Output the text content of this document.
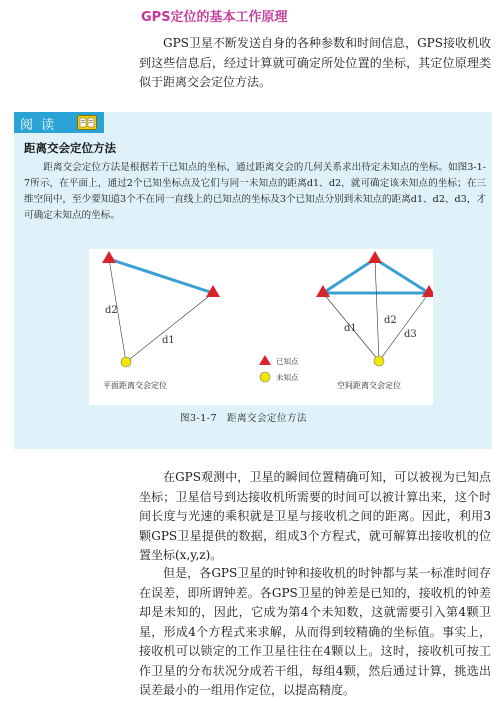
GPS定位的基本工作原理

GPS卫星不断发送自身的各种参数和时间信息，GPS接收机收到这些信息后，经过计算就可确定所处位置的坐标，其定位原理类似于距离交会定位方法。

阅读
距离交会定位方法

距离交会定位方法是根据若干已知点的坐标，通过距离交会的几何关系求出待定未知点的坐标。如图3-1-7所示，在平面上，通过2个已知坐标点及它们与同一未知点的距离d1、d2，就可确定该未知点的坐标；在三维空间中，至少要知道3个不在同一直线上的已知点的坐标及3个已知点分别到未知点的距离d1、d2、d3，才可确定未知点的坐标。

d2
d1
d1
d2
d3
已知点
未知点
平面距离交会定位	空间距离交会定位

图3-1-7　距离交会定位方法

在GPS观测中，卫星的瞬间位置精确可知，可以被视为已知点坐标；卫星信号到达接收机所需要的时间可以被计算出来，这个时间长度与光速的乘积就是卫星与接收机之间的距离。因此，利用3颗GPS卫星提供的数据，组成3个方程式，就可解算出接收机的位置坐标(x,y,z)。

但是，各GPS卫星的时钟和接收机的时钟都与某一标准时间存在误差，即所谓钟差。各GPS卫星的钟差是已知的，接收机的钟差却是未知的，因此，它成为第4个未知数，这就需要引入第4颗卫星，形成4个方程式来求解，从而得到较精确的坐标值。事实上，接收机可以锁定的工作卫星往往在4颗以上。这时，接收机可按工作卫星的分布状况分成若干组，每组4颗，然后通过计算，挑选出误差最小的一组用作定位，以提高精度。
